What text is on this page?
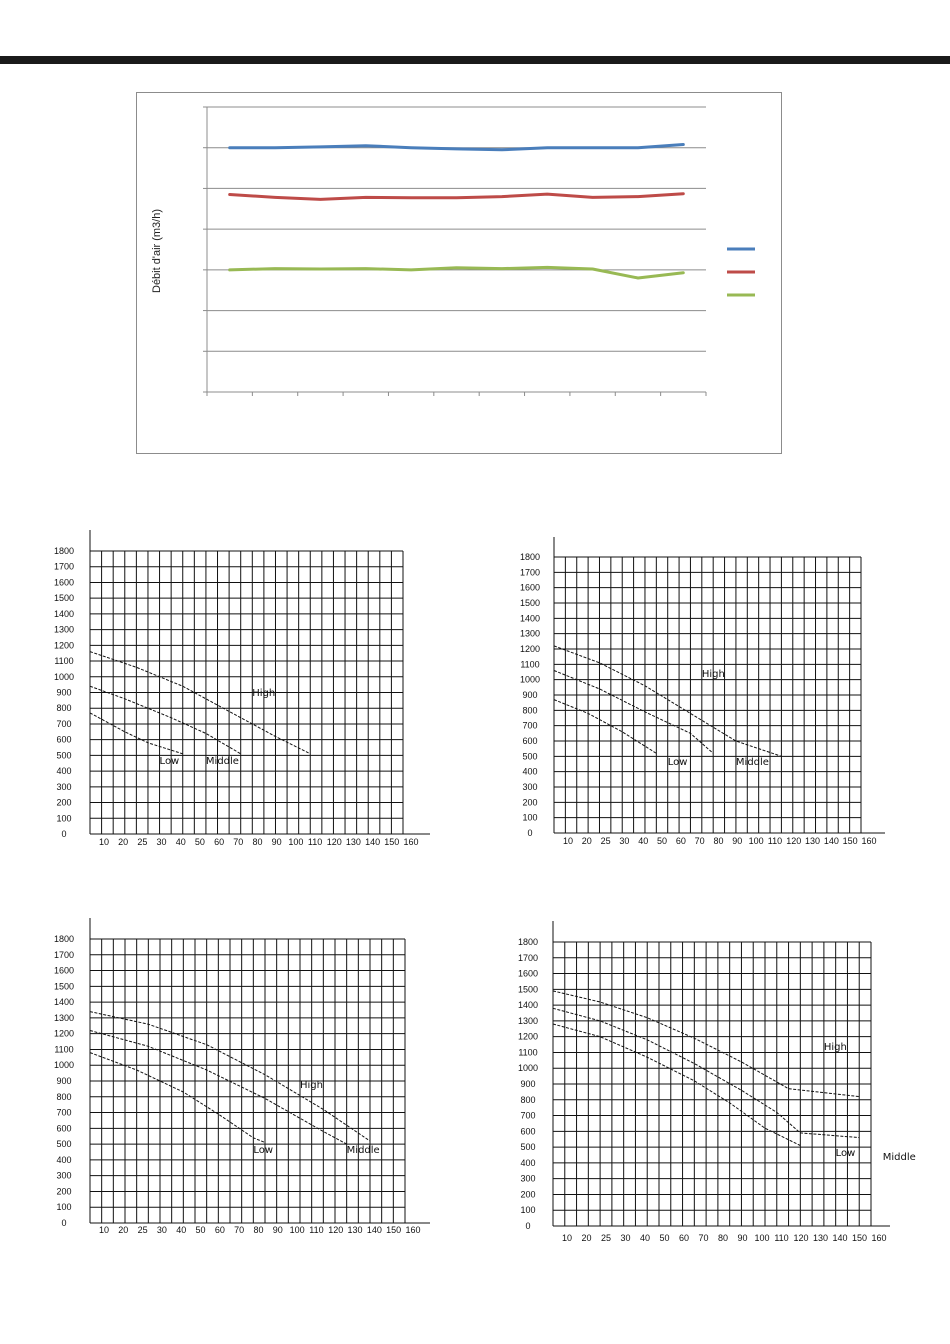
Débit d'air (m3/h)
1800
1700
1600
1500
1400
1300
1200
1100
1000
900
800
700
600
500
400
300
200
100
0
10 20 25 30 40 50 60 70 80 90 100 110 120 130 140 150 160
High
Middle
Low
1800
1700
1600
1500
1400
1300
1200
1100
1000
900
800
700
600
500
400
300
200
100
0
10 20 25 30 40 50 60 70 80 90 100 110 120 130 140 150 160
High
Middle
Low
1800
1700
1600
1500
1400
1300
1200
1100
1000
900
800
700
600
500
400
300
200
100
0
10 20 25 30 40 50 60 70 80 90 100 110 120 130 140 150 160
High
Middle
Low
1800
1700
1600
1500
1400
1300
1200
1100
1000
900
800
700
600
500
400
300
200
100
0
10 20 25 30 40 50 60 70 80 90 100 110 120 130 140 150 160
High
Middle
Low
